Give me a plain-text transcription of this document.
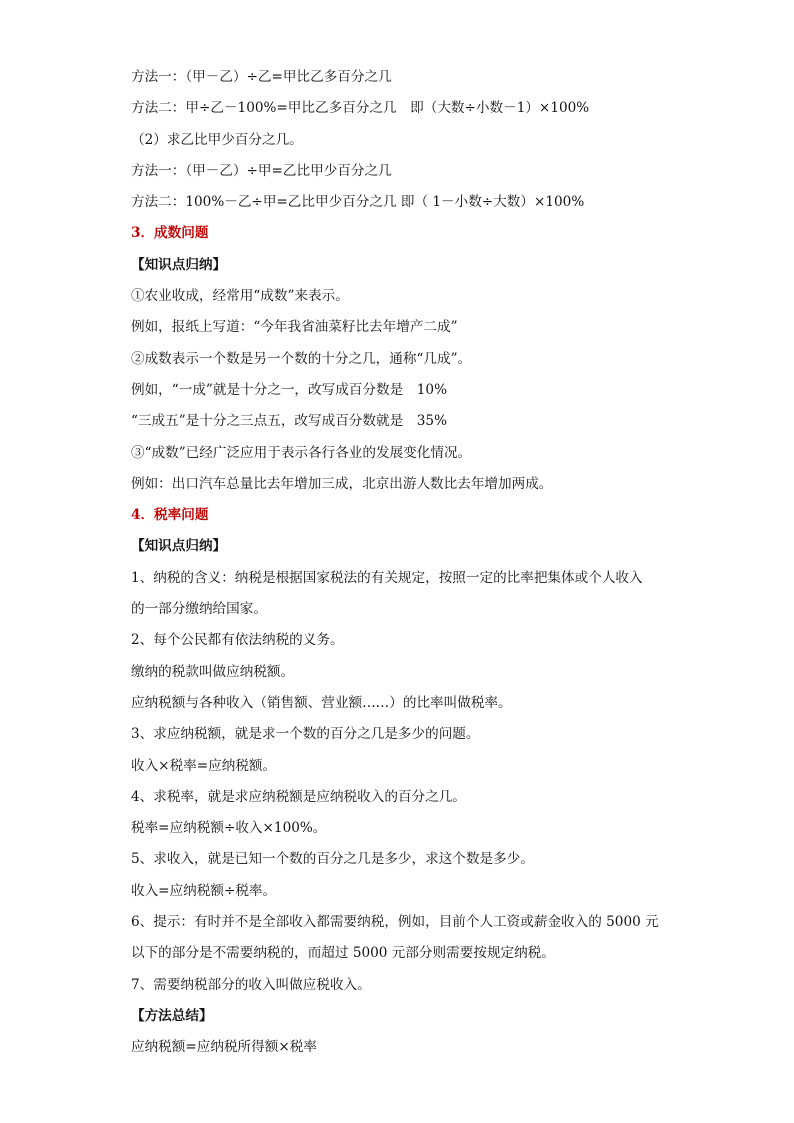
方法一：（甲－乙）÷乙=甲比乙多百分之几
方法二：甲÷乙－100%=甲比乙多百分之几　即（大数÷小数－1）×100%
（2）求乙比甲少百分之几。
方法一：（甲－乙）÷甲=乙比甲少百分之几
方法二：100%－乙÷甲=乙比甲少百分之几 即（ 1－小数÷大数）×100%
3．成数问题
【知识点归纳】
①农业收成，经常用“成数”来表示。
例如，报纸上写道：“今年我省油菜籽比去年增产二成”
②成数表示一个数是另一个数的十分之几，通称“几成”。
例如，“一成”就是十分之一，改写成百分数是　10%
“三成五”是十分之三点五，改写成百分数就是　35%
③“成数”已经广泛应用于表示各行各业的发展变化情况。
例如：出口汽车总量比去年增加三成，北京出游人数比去年增加两成。
4．税率问题
【知识点归纳】
1、纳税的含义：纳税是根据国家税法的有关规定，按照一定的比率把集体或个人收入
的一部分缴纳给国家。
2、每个公民都有依法纳税的义务。
缴纳的税款叫做应纳税额。
应纳税额与各种收入（销售额、营业额……）的比率叫做税率。
3、求应纳税额，就是求一个数的百分之几是多少的问题。
收入×税率=应纳税额。
4、求税率，就是求应纳税额是应纳税收入的百分之几。
税率=应纳税额÷收入×100%。
5、求收入，就是已知一个数的百分之几是多少，求这个数是多少。
收入=应纳税额÷税率。
6、提示：有时并不是全部收入都需要纳税，例如，目前个人工资或薪金收入的 5000 元
以下的部分是不需要纳税的，而超过 5000 元部分则需要按规定纳税。
7、需要纳税部分的收入叫做应税收入。
【方法总结】
应纳税额=应纳税所得额×税率
